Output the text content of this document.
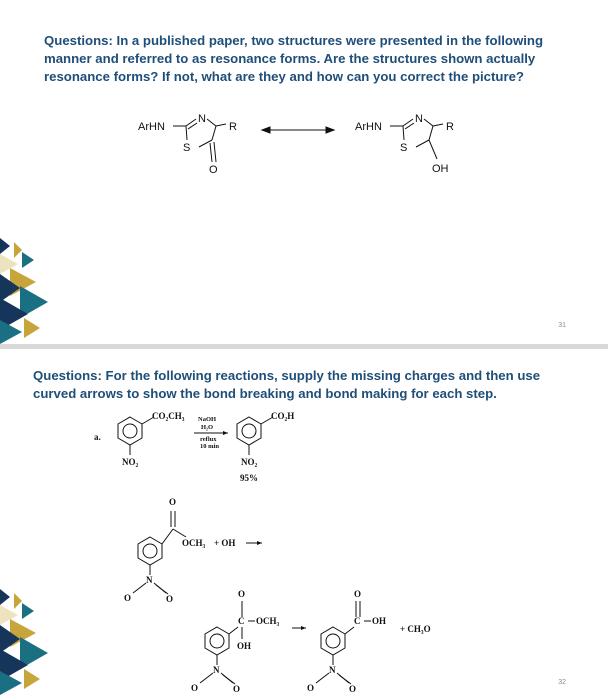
Questions: In a published paper, two structures were presented in the following manner and referred to as resonance forms. Are the structures shown actually resonance forms? If not, what are they and how can you correct the picture?

ArHN
N
R
S
O
ArHN
N
R
S
OH
31

Questions: For the following reactions, supply the missing charges and then use curved arrows to show the bond breaking and bond making for each step.

a.
CO₂CH₃
NO₂
NaOH
H₂O
reflux
10 min
CO₂H
NO₂
95%
O
OCH₃ + OH
N
O	O	O
C OCH₃
OH
N
O	O
O
C OH
N
O	O
+ CH₃O
32
